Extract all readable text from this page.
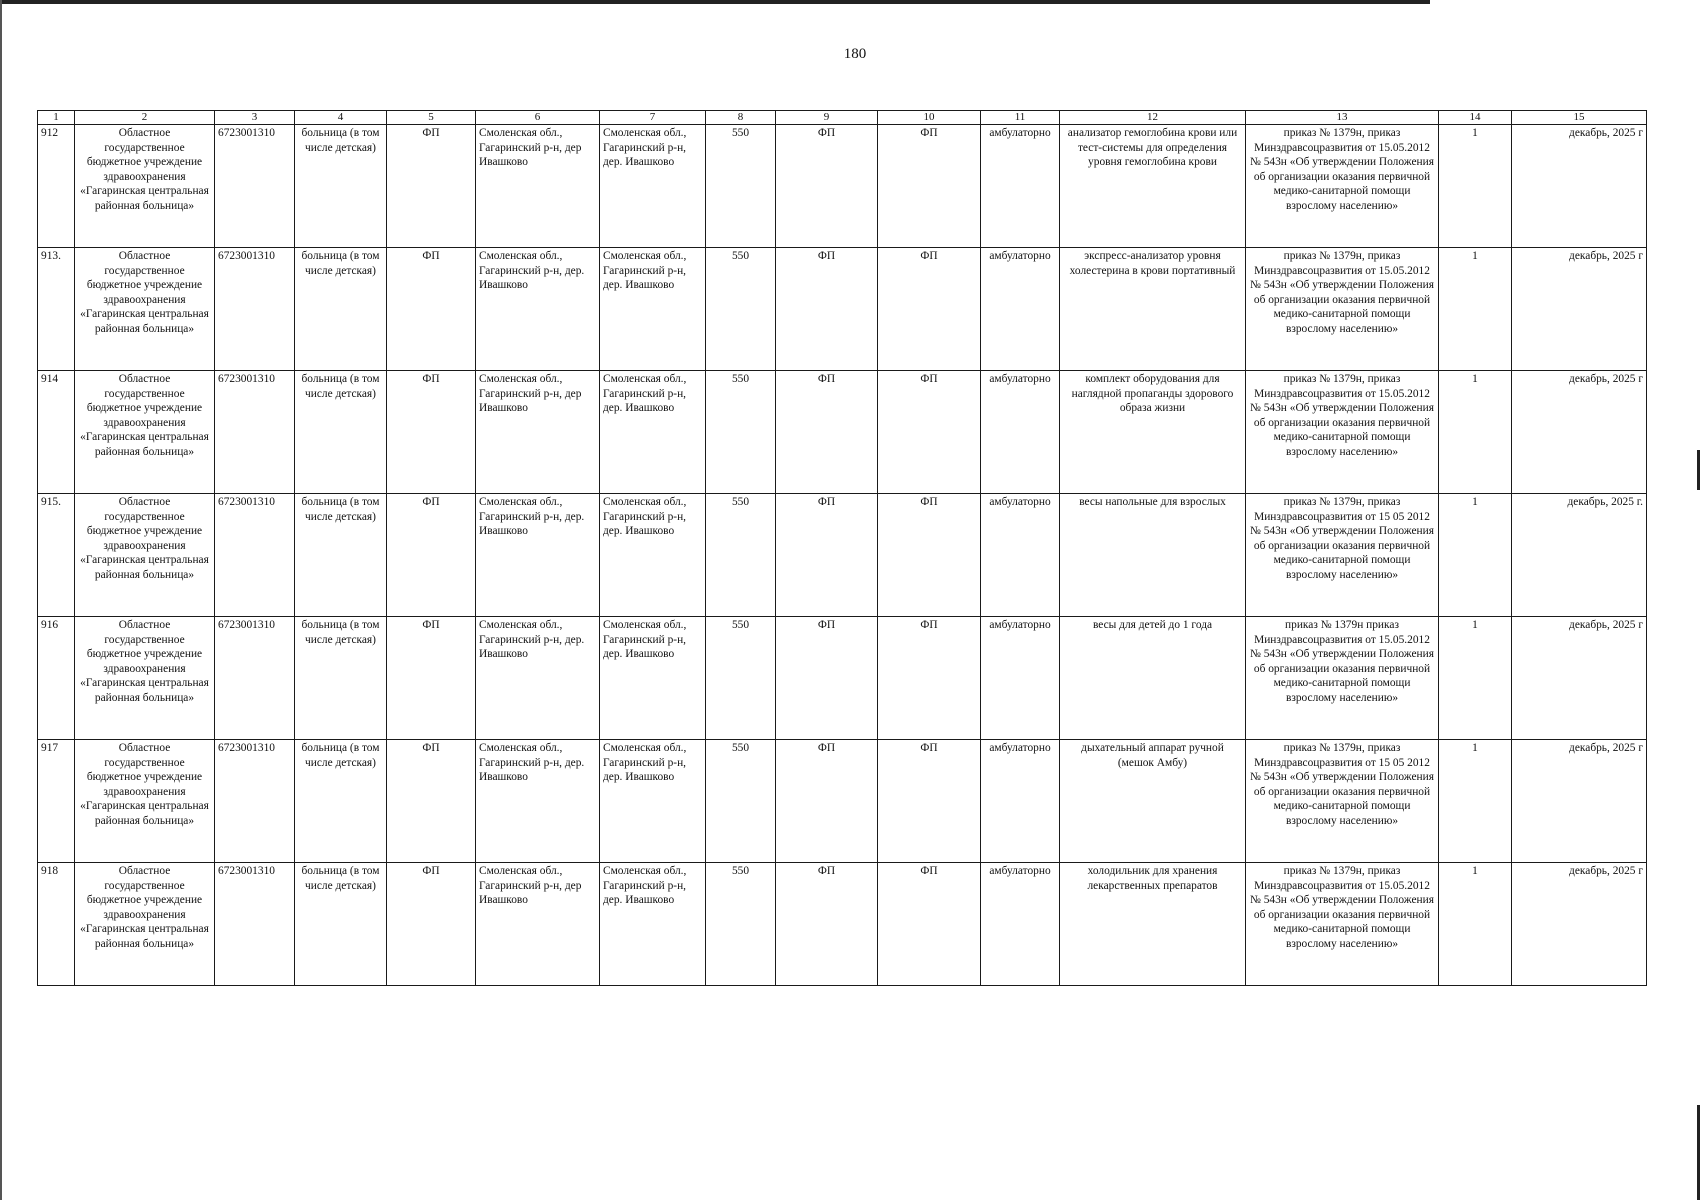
180
1	2	3	4	5	6	7	8	9	10	11	12	13	14	15
912	Областное государственное бюджетное учреждение здравоохранения «Гагаринская центральная районная больница»	6723001310	больница (в том числе детская)	ФП	Смоленская обл., Гагаринский р-н, дер Ивашково	Смоленская обл., Гагаринский р-н, дер. Ивашково	550	ФП	ФП	амбулаторно	анализатор гемоглобина крови или тест-системы для определения уровня гемоглобина крови	приказ № 1379н, приказ Минздравсоцразвития от 15.05.2012 № 543н «Об утверждении Положения об организации оказания первичной медико-санитарной помощи взрослому населению»	1	декабрь, 2025 г
913.	Областное государственное бюджетное учреждение здравоохранения «Гагаринская центральная районная больница»	6723001310	больница (в том числе детская)	ФП	Смоленская обл., Гагаринский р-н, дер. Ивашково	Смоленская обл., Гагаринский р-н, дер. Ивашково	550	ФП	ФП	амбулаторно	экспресс-анализатор уровня холестерина в крови портативный	приказ № 1379н, приказ Минздравсоцразвития от 15.05.2012 № 543н «Об утверждении Положения об организации оказания первичной медико-санитарной помощи взрослому населению»	1	декабрь, 2025 г
914	Областное государственное бюджетное учреждение здравоохранения «Гагаринская центральная районная больница»	6723001310	больница (в том числе детская)	ФП	Смоленская обл., Гагаринский р-н, дер Ивашково	Смоленская обл., Гагаринский р-н, дер. Ивашково	550	ФП	ФП	амбулаторно	комплект оборудования для наглядной пропаганды здорового образа жизни	приказ № 1379н, приказ Минздравсоцразвития от 15.05.2012 № 543н «Об утверждении Положения об организации оказания первичной медико-санитарной помощи взрослому населению»	1	декабрь, 2025 г
915.	Областное государственное бюджетное учреждение здравоохранения «Гагаринская центральная районная больница»	6723001310	больница (в том числе детская)	ФП	Смоленская обл., Гагаринский р-н, дер. Ивашково	Смоленская обл., Гагаринский р-н, дер. Ивашково	550	ФП	ФП	амбулаторно	весы напольные для взрослых	приказ № 1379н, приказ Минздравсоцразвития от 15 05 2012 № 543н «Об утверждении Положения об организации оказания первичной медико-санитарной помощи взрослому населению»	1	декабрь, 2025 г.
916	Областное государственное бюджетное учреждение здравоохранения «Гагаринская центральная районная больница»	6723001310	больница (в том числе детская)	ФП	Смоленская обл., Гагаринский р-н, дер. Ивашково	Смоленская обл., Гагаринский р-н, дер. Ивашково	550	ФП	ФП	амбулаторно	весы для детей до 1 года	приказ № 1379н приказ Минздравсоцразвития от 15.05.2012 № 543н «Об утверждении Положения об организации оказания первичной медико-санитарной помощи взрослому населению»	1	декабрь, 2025 г
917	Областное государственное бюджетное учреждение здравоохранения «Гагаринская центральная районная больница»	6723001310	больница (в том числе детская)	ФП	Смоленская обл., Гагаринский р-н, дер. Ивашково	Смоленская обл., Гагаринский р-н, дер. Ивашково	550	ФП	ФП	амбулаторно	дыхательный аппарат ручной (мешок Амбу)	приказ № 1379н, приказ Минздравсоцразвития от 15 05 2012 № 543н «Об утверждении Положения об организации оказания первичной медико-санитарной помощи взрослому населению»	1	декабрь, 2025 г
918	Областное государственное бюджетное учреждение здравоохранения «Гагаринская центральная районная больница»	6723001310	больница (в том числе детская)	ФП	Смоленская обл., Гагаринский р-н, дер Ивашково	Смоленская обл., Гагаринский р-н, дер. Ивашково	550	ФП	ФП	амбулаторно	холодильник для хранения лекарственных препаратов	приказ № 1379н, приказ Минздравсоцразвития от 15.05.2012 № 543н «Об утверждении Положения об организации оказания первичной медико-санитарной помощи взрослому населению»	1	декабрь, 2025 г
